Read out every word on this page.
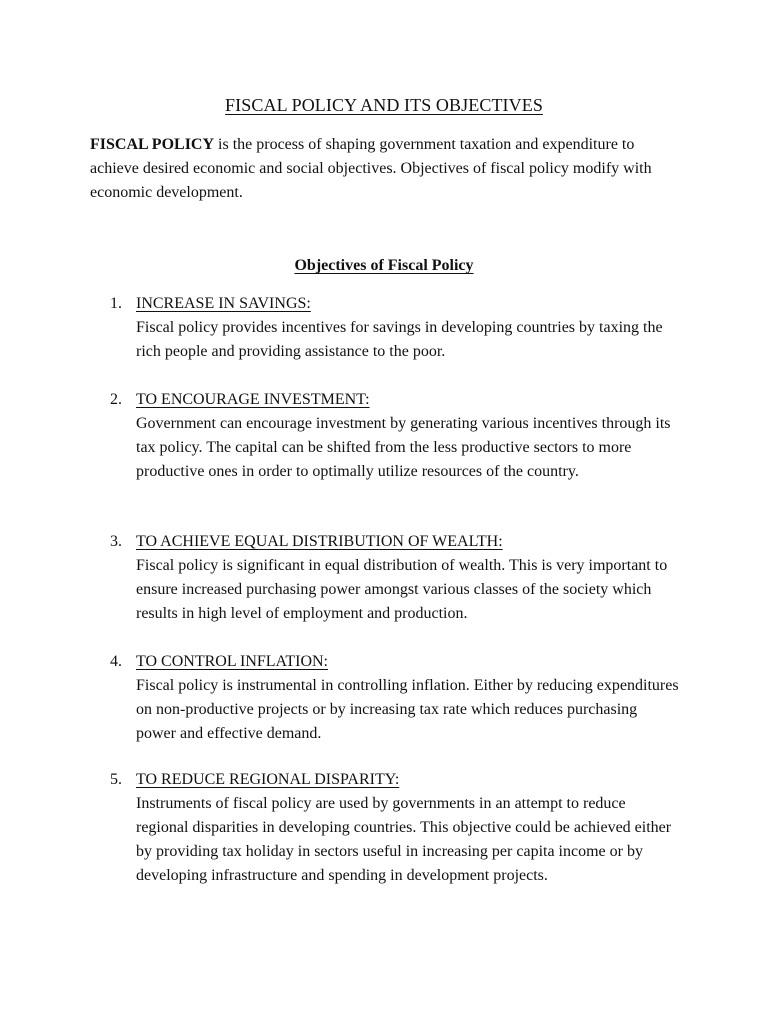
FISCAL POLICY AND ITS OBJECTIVES

FISCAL POLICY is the process of shaping government taxation and expenditure to achieve desired economic and social objectives. Objectives of fiscal policy modify with economic development.

Objectives of Fiscal Policy
1. INCREASE IN SAVINGS:
Fiscal policy provides incentives for savings in developing countries by taxing the rich people and providing assistance to the poor.
2. TO ENCOURAGE INVESTMENT:
Government can encourage investment by generating various incentives through its tax policy. The capital can be shifted from the less productive sectors to more productive ones in order to optimally utilize resources of the country.
3. TO ACHIEVE EQUAL DISTRIBUTION OF WEALTH:
Fiscal policy is significant in equal distribution of wealth. This is very important to ensure increased purchasing power amongst various classes of the society which results in high level of employment and production.
4. TO CONTROL INFLATION:
Fiscal policy is instrumental in controlling inflation. Either by reducing expenditures on non-productive projects or by increasing tax rate which reduces purchasing power and effective demand.
5. TO REDUCE REGIONAL DISPARITY:
Instruments of fiscal policy are used by governments in an attempt to reduce regional disparities in developing countries. This objective could be achieved either by providing tax holiday in sectors useful in increasing per capita income or by developing infrastructure and spending in development projects.
